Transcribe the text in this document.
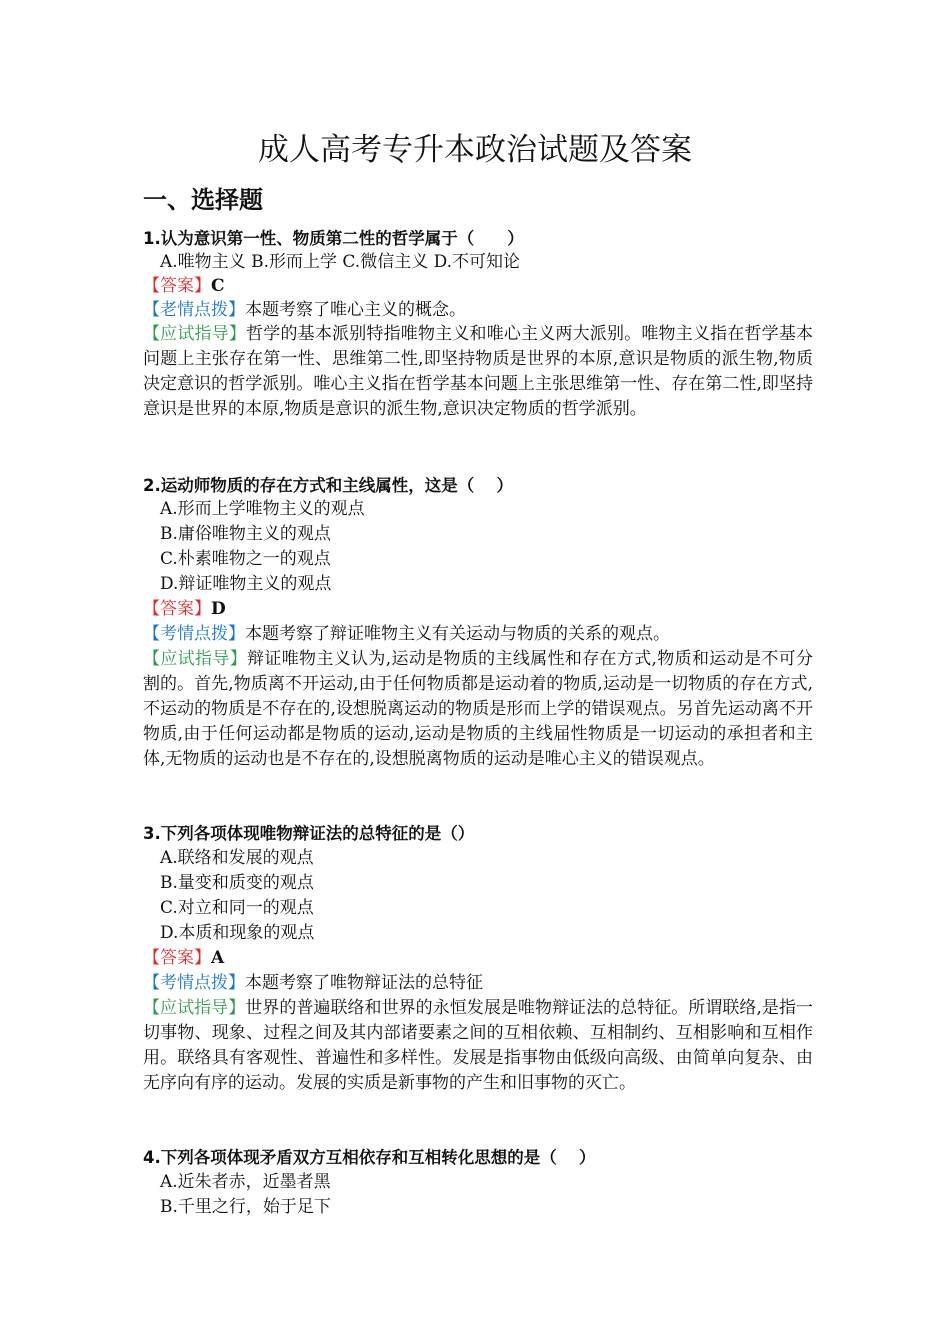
成人高考专升本政治试题及答案
一、选择题
1.认为意识第一性、物质第二性的哲学属于（　　）
A.唯物主义 B.形而上学 C.微信主义 D.不可知论
【答案】C
【老情点拨】本题考察了唯心主义的概念。
【应试指导】哲学的基本派别特指唯物主义和唯心主义两大派别。唯物主义指在哲学基本问题上主张存在第一性、思维第二性,即坚持物质是世界的本原,意识是物质的派生物,物质决定意识的哲学派别。唯心主义指在哲学基本问题上主张思维第一性、存在第二性,即坚持意识是世界的本原,物质是意识的派生物,意识决定物质的哲学派别。
2.运动师物质的存在方式和主线属性，这是（　 ）
A.形而上学唯物主义的观点
B.庸俗唯物主义的观点
C.朴素唯物之一的观点
D.辩证唯物主义的观点
【答案】D
【考情点拨】本题考察了辩证唯物主义有关运动与物质的关系的观点。
【应试指导】辩证唯物主义认为,运动是物质的主线属性和存在方式,物质和运动是不可分割的。首先,物质离不开运动,由于任何物质都是运动着的物质,运动是一切物质的存在方式,不运动的物质是不存在的,设想脱离运动的物质是形而上学的错误观点。另首先运动离不开物质,由于任何运动都是物质的运动,运动是物质的主线届性物质是一切运动的承担者和主体,无物质的运动也是不存在的,设想脱离物质的运动是唯心主义的错误观点。
3.下列各项体现唯物辩证法的总特征的是（）
A.联络和发展的观点
B.量变和质变的观点
C.对立和同一的观点
D.本质和现象的观点
【答案】A
【考情点拨】本题考察了唯物辩证法的总特征
【应试指导】世界的普遍联络和世界的永恒发展是唯物辩证法的总特征。所谓联络,是指一切事物、现象、过程之间及其内部诸要素之间的互相依赖、互相制约、互相影响和互相作用。联络具有客观性、普遍性和多样性。发展是指事物由低级向高级、由简单向复杂、由无序向有序的运动。发展的实质是新事物的产生和旧事物的灭亡。
4.下列各项体现矛盾双方互相依存和互相转化思想的是（　 ）
A.近朱者赤，近墨者黑
B.千里之行，始于足下
